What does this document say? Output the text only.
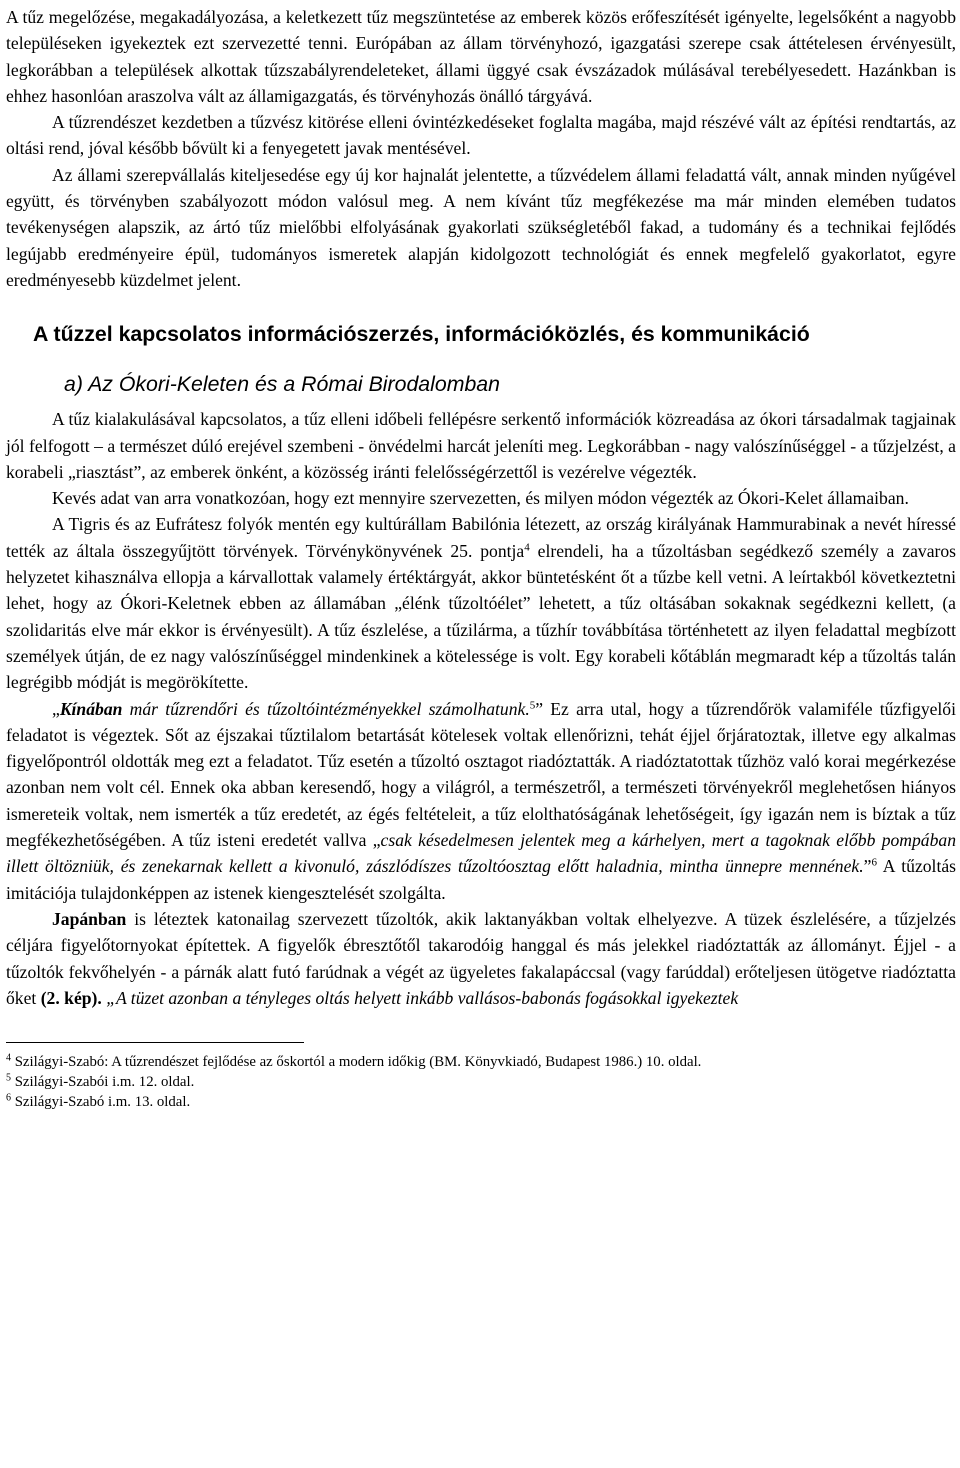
A tűz megelőzése, megakadályozása, a keletkezett tűz megszüntetése az emberek közös erőfeszítését igényelte, legelsőként a nagyobb településeken igyekeztek ezt szervezetté tenni. Európában az állam törvényhozó, igazgatási szerepe csak áttételesen érvényesült, legkorábban a települések alkottak tűzszabályrendeleteket, állami üggyé csak évszázadok múlásával terebélyesedett. Hazánkban is ehhez hasonlóan araszolva vált az államigazgatás, és törvényhozás önálló tárgyává.

A tűzrendészet kezdetben a tűzvész kitörése elleni óvintézkedéseket foglalta magába, majd részévé vált az építési rendtartás, az oltási rend, jóval később bővült ki a fenyegetett javak mentésével.

Az állami szerepvállalás kiteljesedése egy új kor hajnalát jelentette, a tűzvédelem állami feladattá vált, annak minden nyűgével együtt, és törvényben szabályozott módon valósul meg. A nem kívánt tűz megfékezése ma már minden elemében tudatos tevékenységen alapszik, az ártó tűz mielőbbi elfolyásának gyakorlati szükségletéből fakad, a tudomány és a technikai fejlődés legújabb eredményeire épül, tudományos ismeretek alapján kidolgozott technológiát és ennek megfelelő gyakorlatot, egyre eredményesebb küzdelmet jelent.

A tűzzel kapcsolatos információszerzés, információközlés, és kommunikáció
a) Az Ókori-Keleten és a Római Birodalomban

A tűz kialakulásával kapcsolatos, a tűz elleni időbeli fellépésre serkentő információk közreadása az ókori társadalmak tagjainak jól felfogott ‒ a természet dúló erejével szembeni - önvédelmi harcát jeleníti meg. Legkorábban - nagy valószínűséggel - a tűzjelzést, a korabeli „riasztást”, az emberek önként, a közösség iránti felelősségérzettől is vezérelve végezték.

Kevés adat van arra vonatkozóan, hogy ezt mennyire szervezetten, és milyen módon végezték az Ókori-Kelet államaiban.

A Tigris és az Eufrátesz folyók mentén egy kultúrállam Babilónia létezett, az ország királyának Hammurabinak a nevét híressé tették az általa összegyűjtött törvények. Törvénykönyvének 25. pontja$^4$ elrendeli, ha a tűzoltásban segédkező személy a zavaros helyzetet kihasználva ellopja a kárvallottak valamely értéktárgyát, akkor büntetésként őt a tűzbe kell vetni. A leírtakból következtetni lehet, hogy az Ókori-Keletnek ebben az államában „élénk tűzoltóélet” lehetett, a tűz oltásában sokaknak segédkezni kellett, (a szolidaritás elve már ekkor is érvényesült). A tűz észlelése, a tűzilárma, a tűzhír továbbítása történhetett az ilyen feladattal megbízott személyek útján, de ez nagy valószínűséggel mindenkinek a kötelessége is volt. Egy korabeli kőtáblán megmaradt kép a tűzoltás talán legrégibb módját is megörökítette.

„Kínában már tűzrendőri és tűzoltóintézményekkel számolhatunk.$^5$” Ez arra utal, hogy a tűzrendőrök valamiféle tűzfigyelői feladatot is végeztek. Sőt az éjszakai tűztilalom betartását kötelesek voltak ellenőrizni, tehát éjjel őrjáratoztak, illetve egy alkalmas figyelőpontról oldották meg ezt a feladatot. Tűz esetén a tűzoltó osztagot riadóztatták. A riadóztatottak tűzhöz való korai megérkezése azonban nem volt cél. Ennek oka abban keresendő, hogy a világról, a természetről, a természeti törvényekről meglehetősen hiányos ismereteik voltak, nem ismerték a tűz eredetét, az égés feltételeit, a tűz elolthatóságának lehetőségeit, így igazán nem is bíztak a tűz megfékezhetőségében. A tűz isteni eredetét vallva „csak késedelmesen jelentek meg a kárhelyen, mert a tagoknak előbb pompában illett öltözniük, és zenekarnak kellett a kivonuló, zászlódíszes tűzoltóosztag előtt haladnia, mintha ünnepre mennének.”$^6$ A tűzoltás imitációja tulajdonképpen az istenek kiengesztelését szolgálta.

Japánban is léteztek katonailag szervezett tűzoltók, akik laktanyákban voltak elhelyezve. A tüzek észlelésére, a tűzjelzés céljára figyelőtornyokat építettek. A figyelők ébresztőtől takarodóig hanggal és más jelekkel riadóztatták az állományt. Éjjel - a tűzoltók fekvőhelyén - a párnák alatt futó farúdnak a végét az ügyeletes fakalapáccsal (vagy farúddal) erőteljesen ütögetve riadóztatta őket (2. kép). „A tüzet azonban a tényleges oltás helyett inkább vallásos-babonás fogásokkal igyekeztek

$^4$ Szilágyi-Szabó: A tűzrendészet fejlődése az őskortól a modern időkig (BM. Könyvkiadó, Budapest 1986.) 10. oldal.
$^5$ Szilágyi-Szabói i.m. 12. oldal.
$^6$ Szilágyi-Szabó i.m. 13. oldal.
